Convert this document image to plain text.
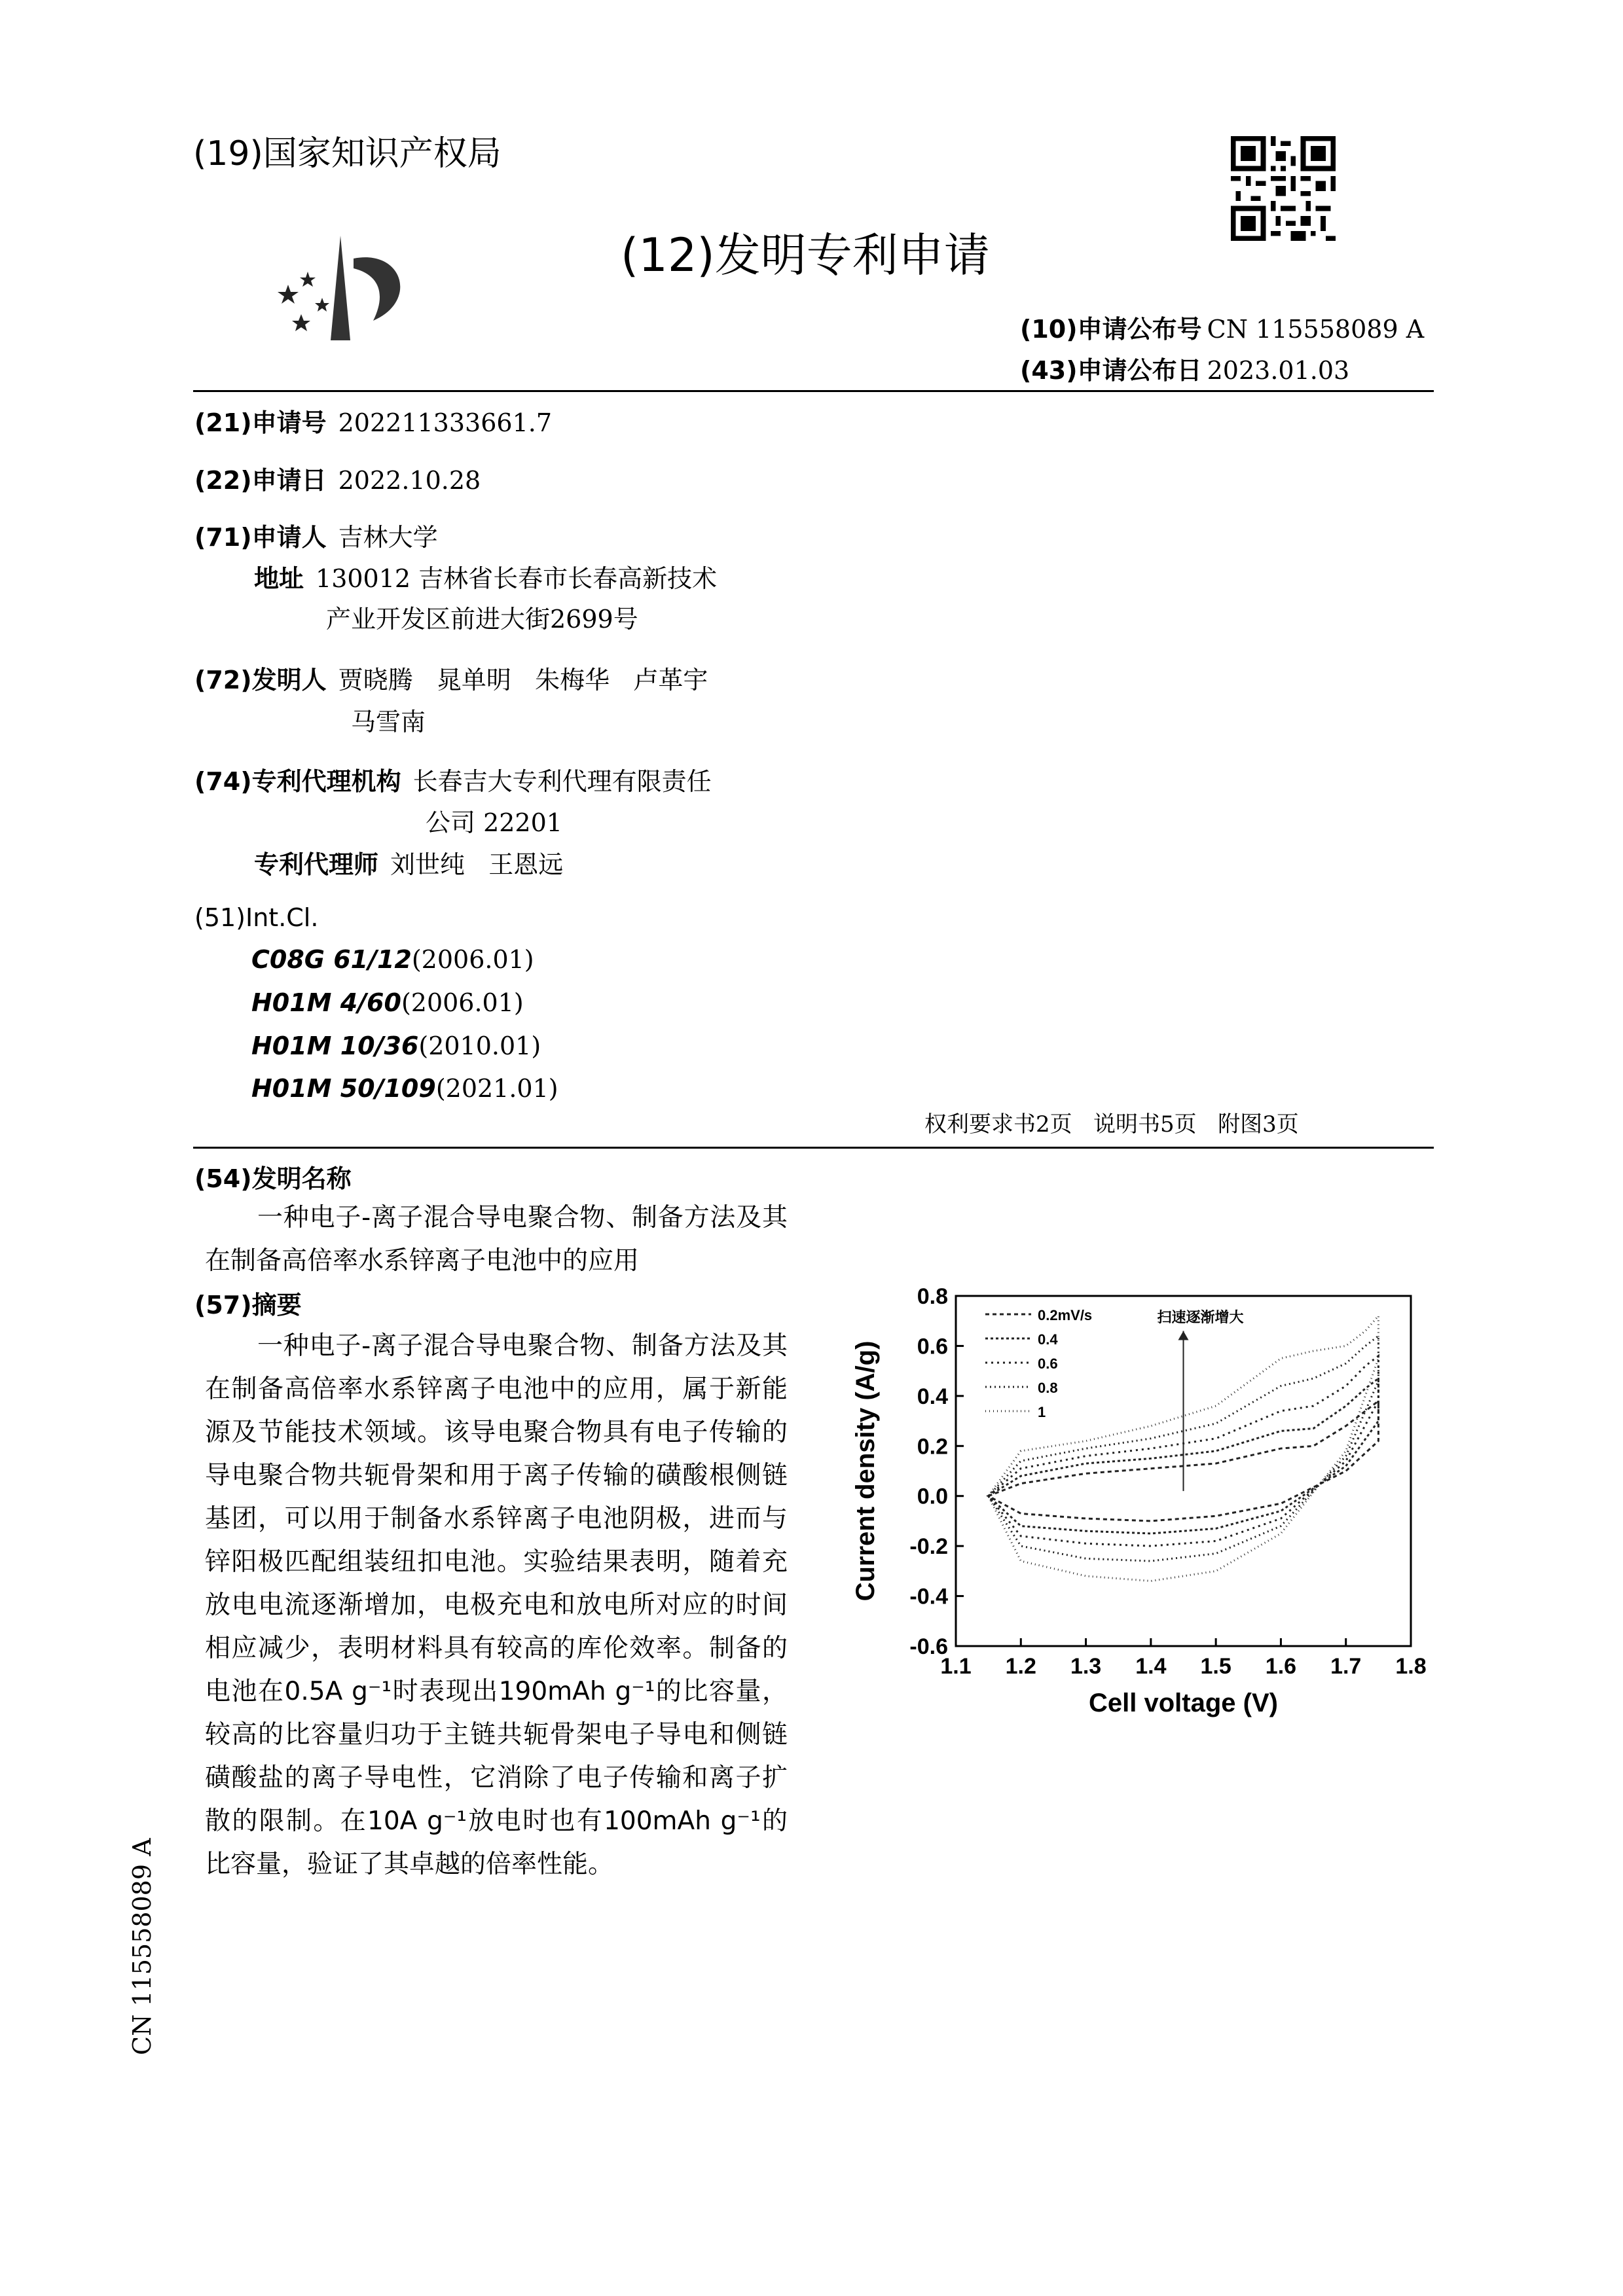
(19)国家知识产权局
(12)发明专利申请
(10)申请公布号 CN 115558089 A
(43)申请公布日 2023.01.03
(21)申请号 202211333661.7
(22)申请日 2022.10.28
(71)申请人 吉林大学
地址 130012 吉林省长春市长春高新技术
产业开发区前进大街2699号
(72)发明人 贾晓腾   晁单明   朱梅华   卢革宇
马雪南
(74)专利代理机构 长春吉大专利代理有限责任
公司 22201
专利代理师 刘世纯   王恩远
(51)Int.Cl.
C08G 61/12(2006.01)
H01M 4/60(2006.01)
H01M 10/36(2010.01)
H01M 50/109(2021.01)
权利要求书2页   说明书5页   附图3页
(54)发明名称
一种电子-离子混合导电聚合物、制备方法及其在制备高倍率水系锌离子电池中的应用
(57)摘要
一种电子-离子混合导电聚合物、制备方法及其在制备高倍率水系锌离子电池中的应用，属于新能源及节能技术领域。该导电聚合物具有电子传输的导电聚合物共轭骨架和用于离子传输的磺酸根侧链基团，可以用于制备水系锌离子电池阴极，进而与锌阳极匹配组装纽扣电池。实验结果表明，随着充放电电流逐渐增加，电极充电和放电所对应的时间相应减少，表明材料具有较高的库伦效率。制备的电池在0.5A g⁻¹时表现出190mAh g⁻¹的比容量，较高的比容量归功于主链共轭骨架电子导电和侧链磺酸盐的离子导电性，它消除了电子传输和离子扩散的限制。在10A g⁻¹放电时也有100mAh g⁻¹的比容量，验证了其卓越的倍率性能。
CN 115558089 A
1.1 1.2 1.3 1.4 1.5 1.6 1.7 1.8
-0.6
-0.4
-0.2
0.0
0.2
0.4
0.6
0.8
Cell voltage (V)
Current density (A/g)
0.2mV/s
0.4
0.6
0.8
1
扫速逐渐增大
